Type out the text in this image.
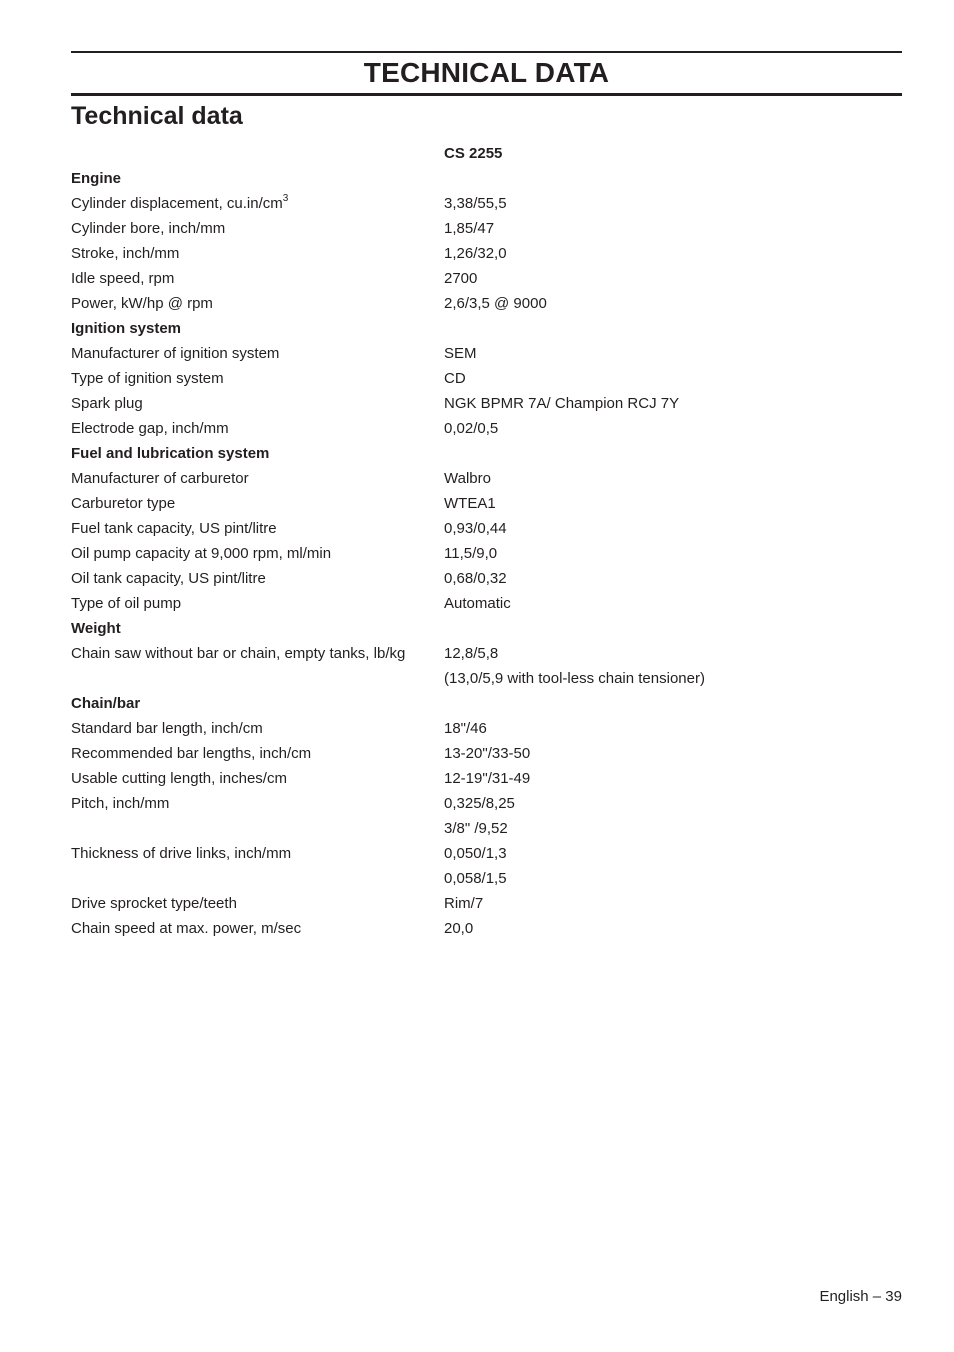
TECHNICAL DATA
Technical data
CS 2255
Engine
Cylinder displacement, $cu.in/cm^3$	3,38/55,5
Cylinder bore, inch/mm	1,85/47
Stroke, inch/mm	1,26/32,0
Idle speed, rpm	2700
Power, kW/hp @ rpm	2,6/3,5 @ 9000
Ignition system
Manufacturer of ignition system	SEM
Type of ignition system	CD
Spark plug	NGK BPMR 7A/ Champion RCJ 7Y
Electrode gap, inch/mm	0,02/0,5
Fuel and lubrication system
Manufacturer of carburetor	Walbro
Carburetor type	WTEA1
Fuel tank capacity, US pint/litre	0,93/0,44
Oil pump capacity at 9,000 rpm, ml/min	11,5/9,0
Oil tank capacity, US pint/litre	0,68/0,32
Type of oil pump	Automatic
Weight
Chain saw without bar or chain, empty tanks, lb/kg	12,8/5,8
(13,0/5,9 with tool-less chain tensioner)
Chain/bar
Standard bar length, inch/cm	18"/46
Recommended bar lengths, inch/cm	13-20"/33-50
Usable cutting length, inches/cm	12-19"/31-49
Pitch, inch/mm	0,325/8,25
3/8" /9,52
Thickness of drive links, inch/mm	0,050/1,3
0,058/1,5
Drive sprocket type/teeth	Rim/7
Chain speed at max. power, m/sec	20,0
English – 39
